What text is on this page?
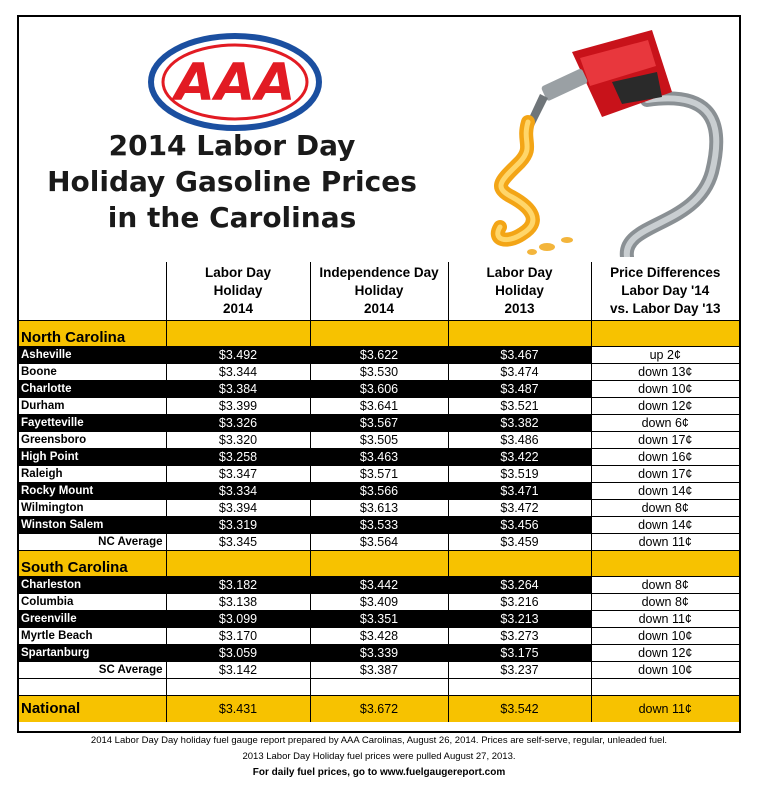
AAA
2014 Labor Day
Holiday Gasoline Prices
in the Carolinas

	Labor Day
Holiday
2014	Independence Day
Holiday
2014	Labor Day
Holiday
2013	Price Differences
Labor Day '14
vs. Labor Day '13

North Carolina				
Asheville	$3.492	$3.622	$3.467	up 2¢
Boone	$3.344	$3.530	$3.474	down 13¢
Charlotte	$3.384	$3.606	$3.487	down 10¢
Durham	$3.399	$3.641	$3.521	down 12¢
Fayetteville	$3.326	$3.567	$3.382	down 6¢
Greensboro	$3.320	$3.505	$3.486	down 17¢
High Point	$3.258	$3.463	$3.422	down 16¢
Raleigh	$3.347	$3.571	$3.519	down 17¢
Rocky Mount	$3.334	$3.566	$3.471	down 14¢
Wilmington	$3.394	$3.613	$3.472	down 8¢
Winston Salem	$3.319	$3.533	$3.456	down 14¢
NC Average	$3.345	$3.564	$3.459	down 11¢
South Carolina				
Charleston	$3.182	$3.442	$3.264	down 8¢
Columbia	$3.138	$3.409	$3.216	down 8¢
Greenville	$3.099	$3.351	$3.213	down 11¢
Myrtle Beach	$3.170	$3.428	$3.273	down 10¢
Spartanburg	$3.059	$3.339	$3.175	down 12¢
SC Average	$3.142	$3.387	$3.237	down 10¢

National	$3.431	$3.672	$3.542	down 11¢
2014 Labor Day Day holiday fuel gauge report prepared by AAA Carolinas, August 26, 2014. Prices are self-serve, regular, unleaded fuel.
2013 Labor Day Holiday fuel prices were pulled August 27, 2013.
For daily fuel prices, go to www.fuelgaugereport.com
